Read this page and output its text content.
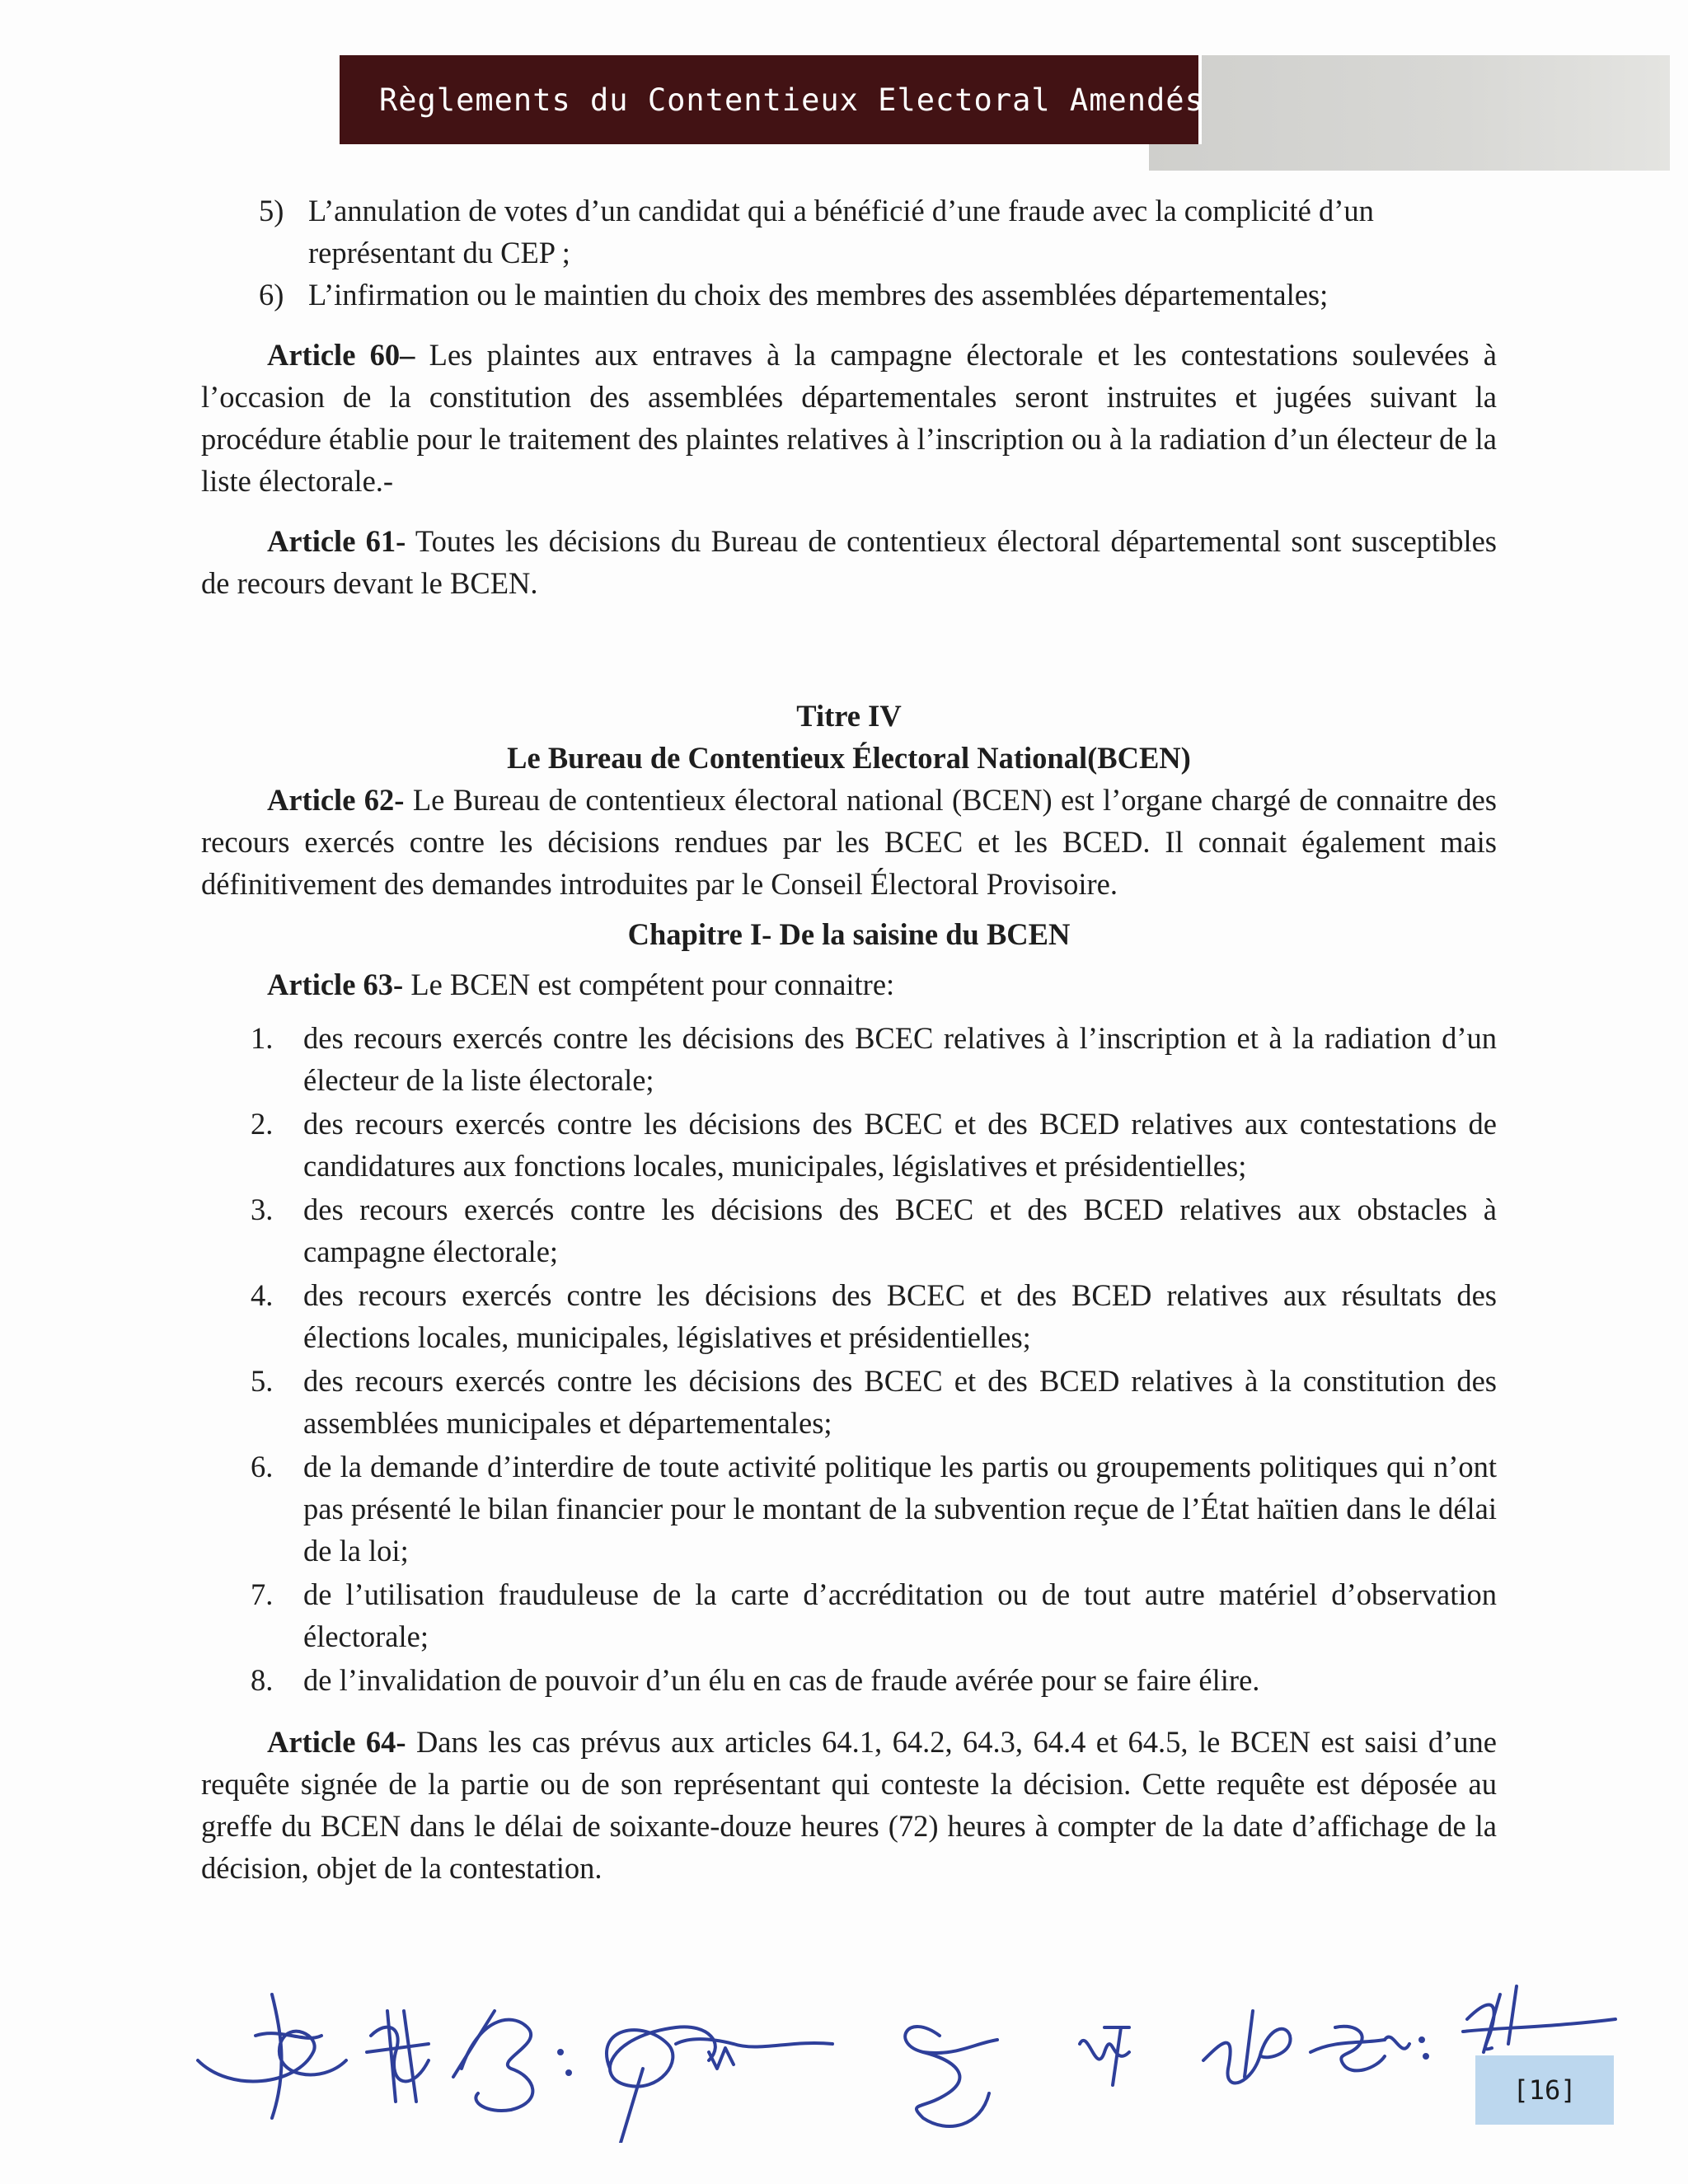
Règlements du Contentieux Electoral Amendés
5) L’annulation de votes d’un candidat qui a bénéficié d’une fraude avec la complicité d’un représentant du CEP ;
6) L’infirmation ou le maintien du choix des membres des assemblées départementales;

Article 60– Les plaintes aux entraves à la campagne électorale et les contestations soulevées à l’occasion de la constitution des assemblées départementales seront instruites et jugées suivant la procédure établie pour le traitement des plaintes relatives à l’inscription ou à la radiation d’un électeur de la liste électorale.-

Article 61- Toutes les décisions du Bureau de contentieux électoral départemental sont susceptibles de recours devant le BCEN.

Titre IV

Le Bureau de Contentieux Électoral National(BCEN)

Article 62- Le Bureau de contentieux électoral national (BCEN) est l’organe chargé de connaitre des recours exercés contre les décisions rendues par les BCEC et les BCED. Il connait également mais définitivement des demandes introduites par le Conseil Électoral Provisoire.

Chapitre I- De la saisine du BCEN

Article 63- Le BCEN est compétent pour connaitre:

1.	des recours exercés contre les décisions des BCEC relatives à l’inscription et à la radiation d’un électeur de la liste électorale;
2.	des recours exercés contre les décisions des BCEC et des BCED relatives aux contestations de candidatures aux fonctions locales, municipales, législatives et présidentielles;
3.	des recours exercés contre les décisions des BCEC et des BCED relatives aux obstacles à campagne électorale;
4.	des recours exercés contre les décisions des BCEC et des BCED relatives aux résultats des élections locales, municipales, législatives et présidentielles;
5.	des recours exercés contre les décisions des BCEC et des BCED relatives à la constitution des assemblées municipales et départementales;
6.	de la demande d’interdire de toute activité politique les partis ou groupements politiques qui n’ont pas présenté le bilan financier pour le montant de la subvention reçue de l’État haïtien dans le délai de la loi;
7.	de l’utilisation frauduleuse de la carte d’accréditation ou de tout autre matériel d’observation électorale;
8.	de l’invalidation de pouvoir d’un élu en cas de fraude avérée pour se faire élire.

Article 64- Dans les cas prévus aux articles 64.1, 64.2, 64.3, 64.4 et 64.5, le BCEN est saisi d’une requête signée de la partie ou de son représentant qui conteste la décision. Cette requête est déposée au greffe du BCEN dans le délai de soixante-douze heures (72) heures à compter de la date d’affichage de la décision, objet de la contestation.

[16]
